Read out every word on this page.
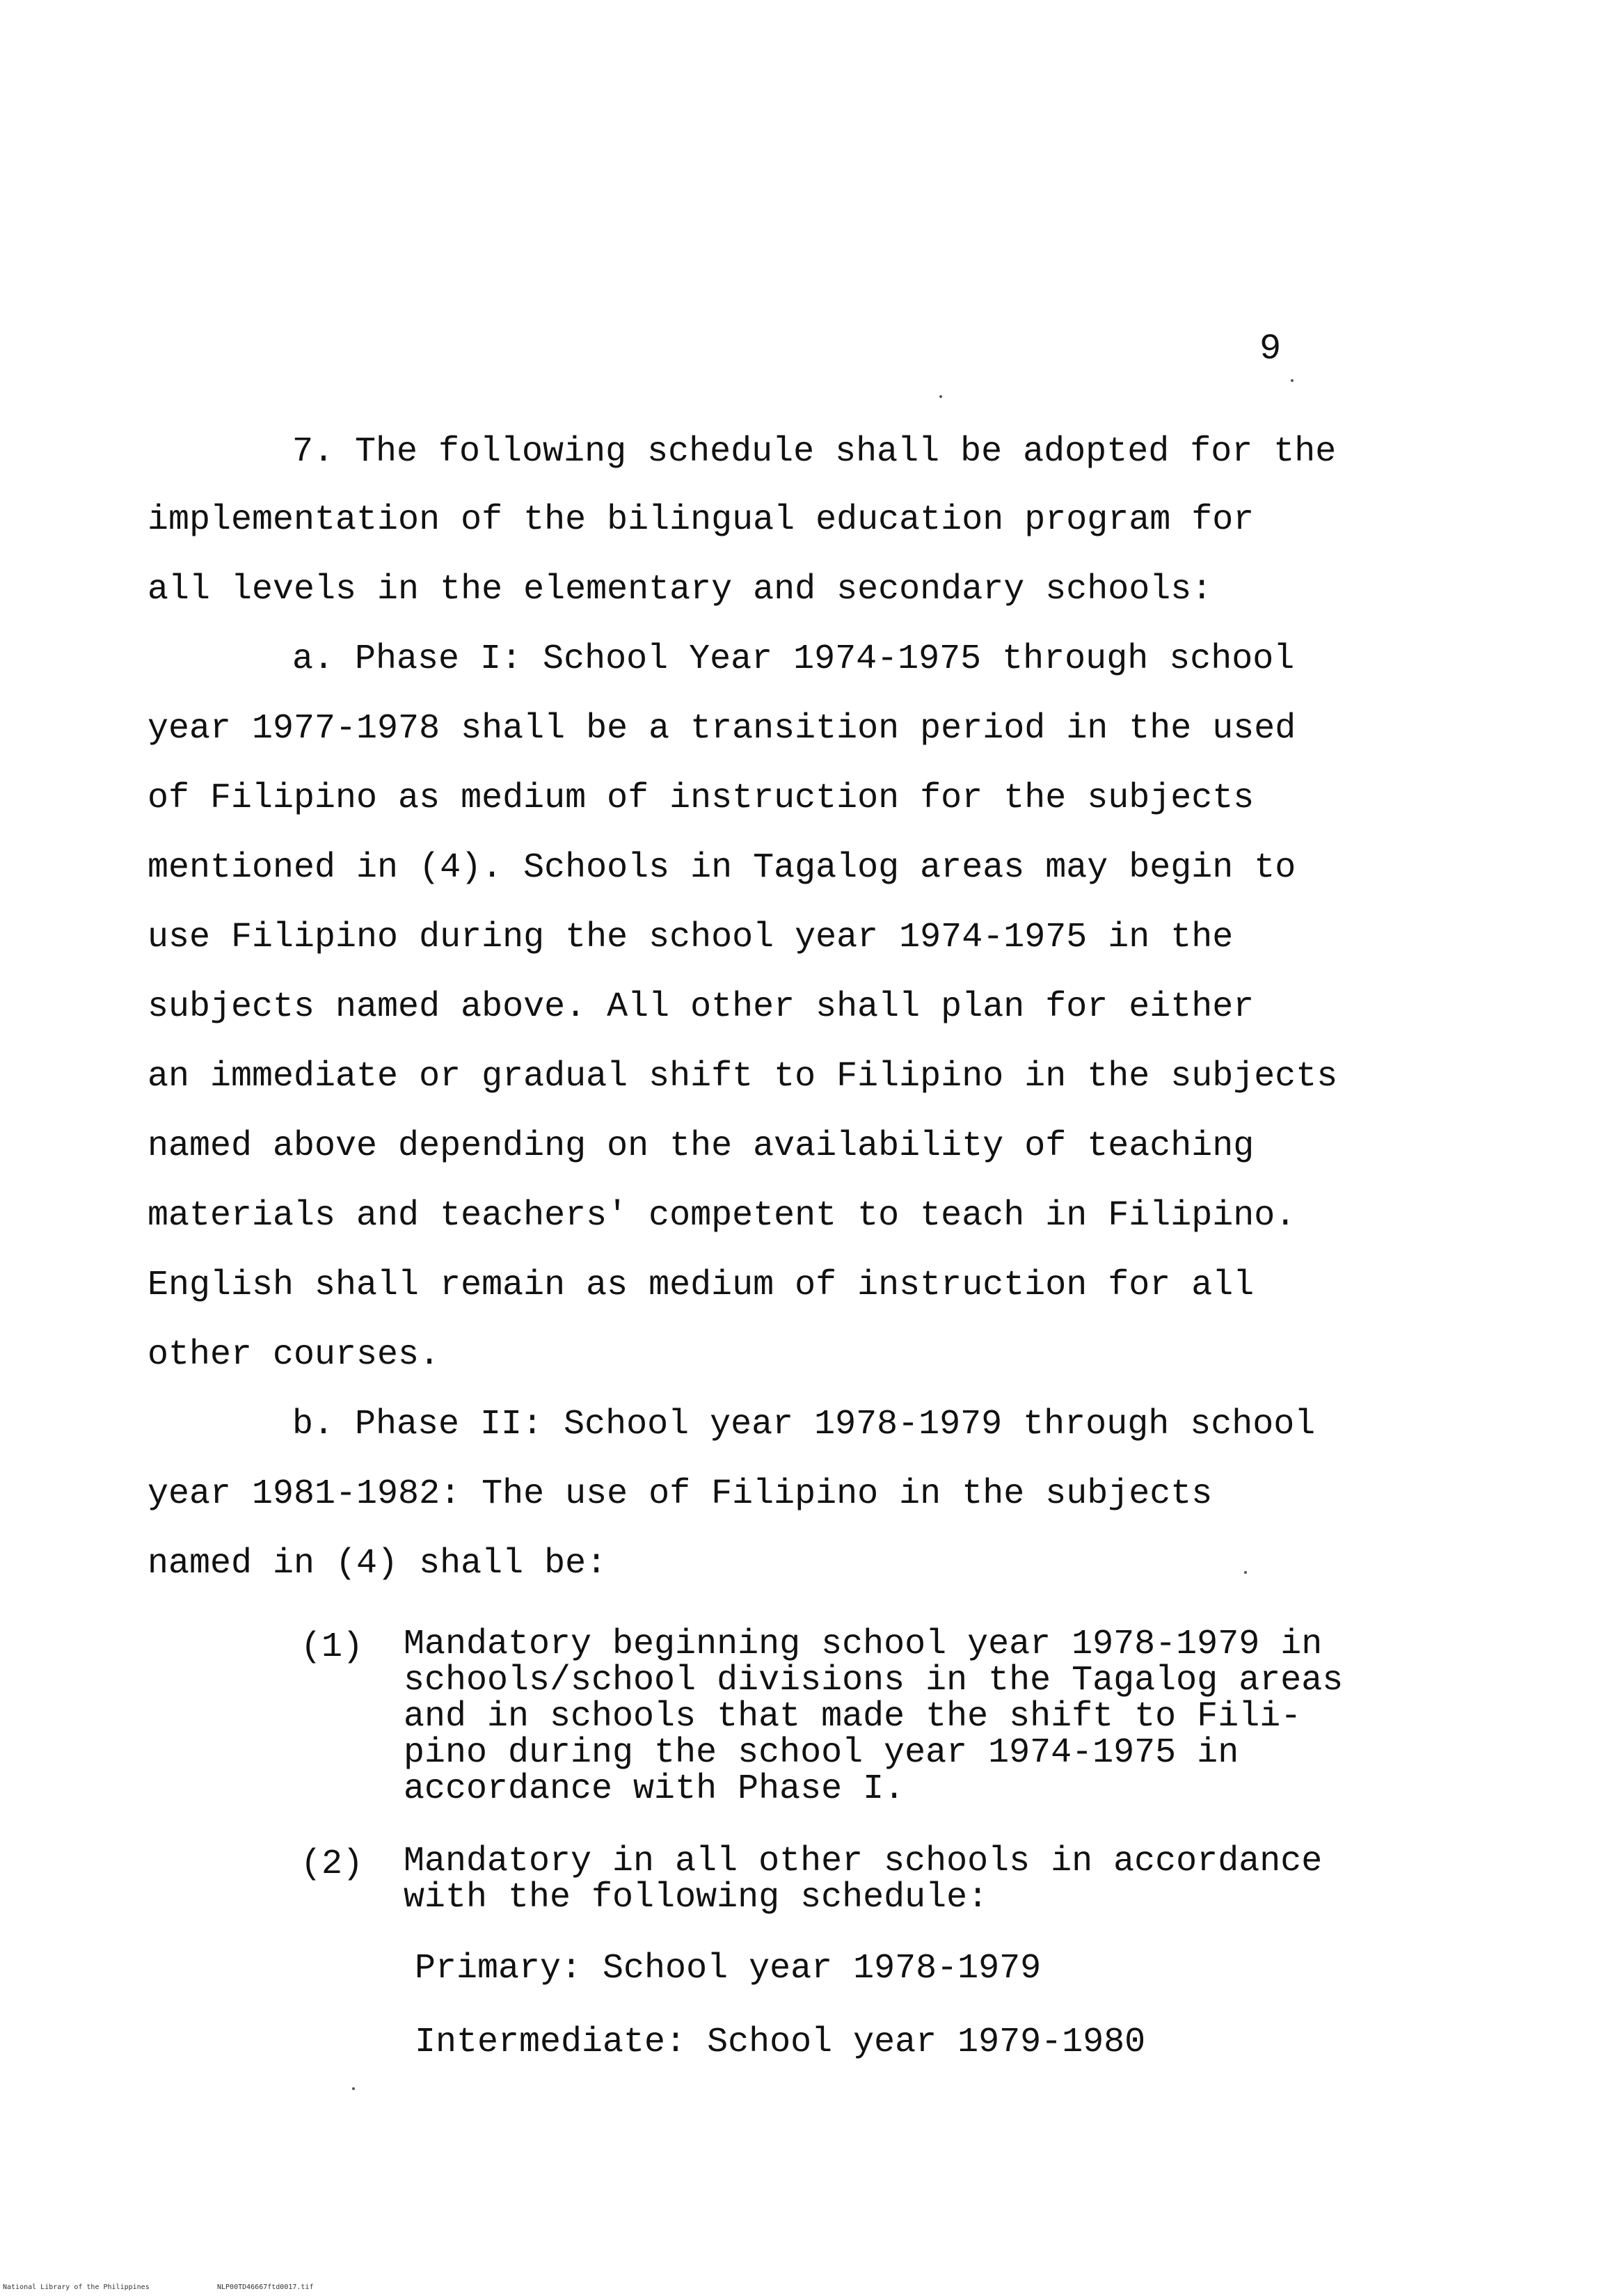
9

7. The following schedule shall be adopted for the

implementation of the bilingual education program for

all levels in the elementary and secondary schools:

a. Phase I: School Year 1974-1975 through school

year 1977-1978 shall be a transition period in the used

of Filipino as medium of instruction for the subjects

mentioned in (4). Schools in Tagalog areas may begin to

use Filipino during the school year 1974-1975 in the

subjects named above. All other shall plan for either

an immediate or gradual shift to Filipino in the subjects

named above depending on the availability of teaching

materials and teachers' competent to teach in Filipino.

English shall remain as medium of instruction for all

other courses.

b. Phase II: School year 1978-1979 through school

year 1981-1982: The use of Filipino in the subjects

named in (4) shall be:

(1) Mandatory beginning school year 1978-1979 in

schools/school divisions in the Tagalog areas

and in schools that made the shift to Fili-

pino during the school year 1974-1975 in

accordance with Phase I.

(2) Mandatory in all other schools in accordance

with the following schedule:

Primary: School year 1978-1979

Intermediate: School year 1979-1980

National Library of the Philippines	NLP00TD46667ftd0017.tif
